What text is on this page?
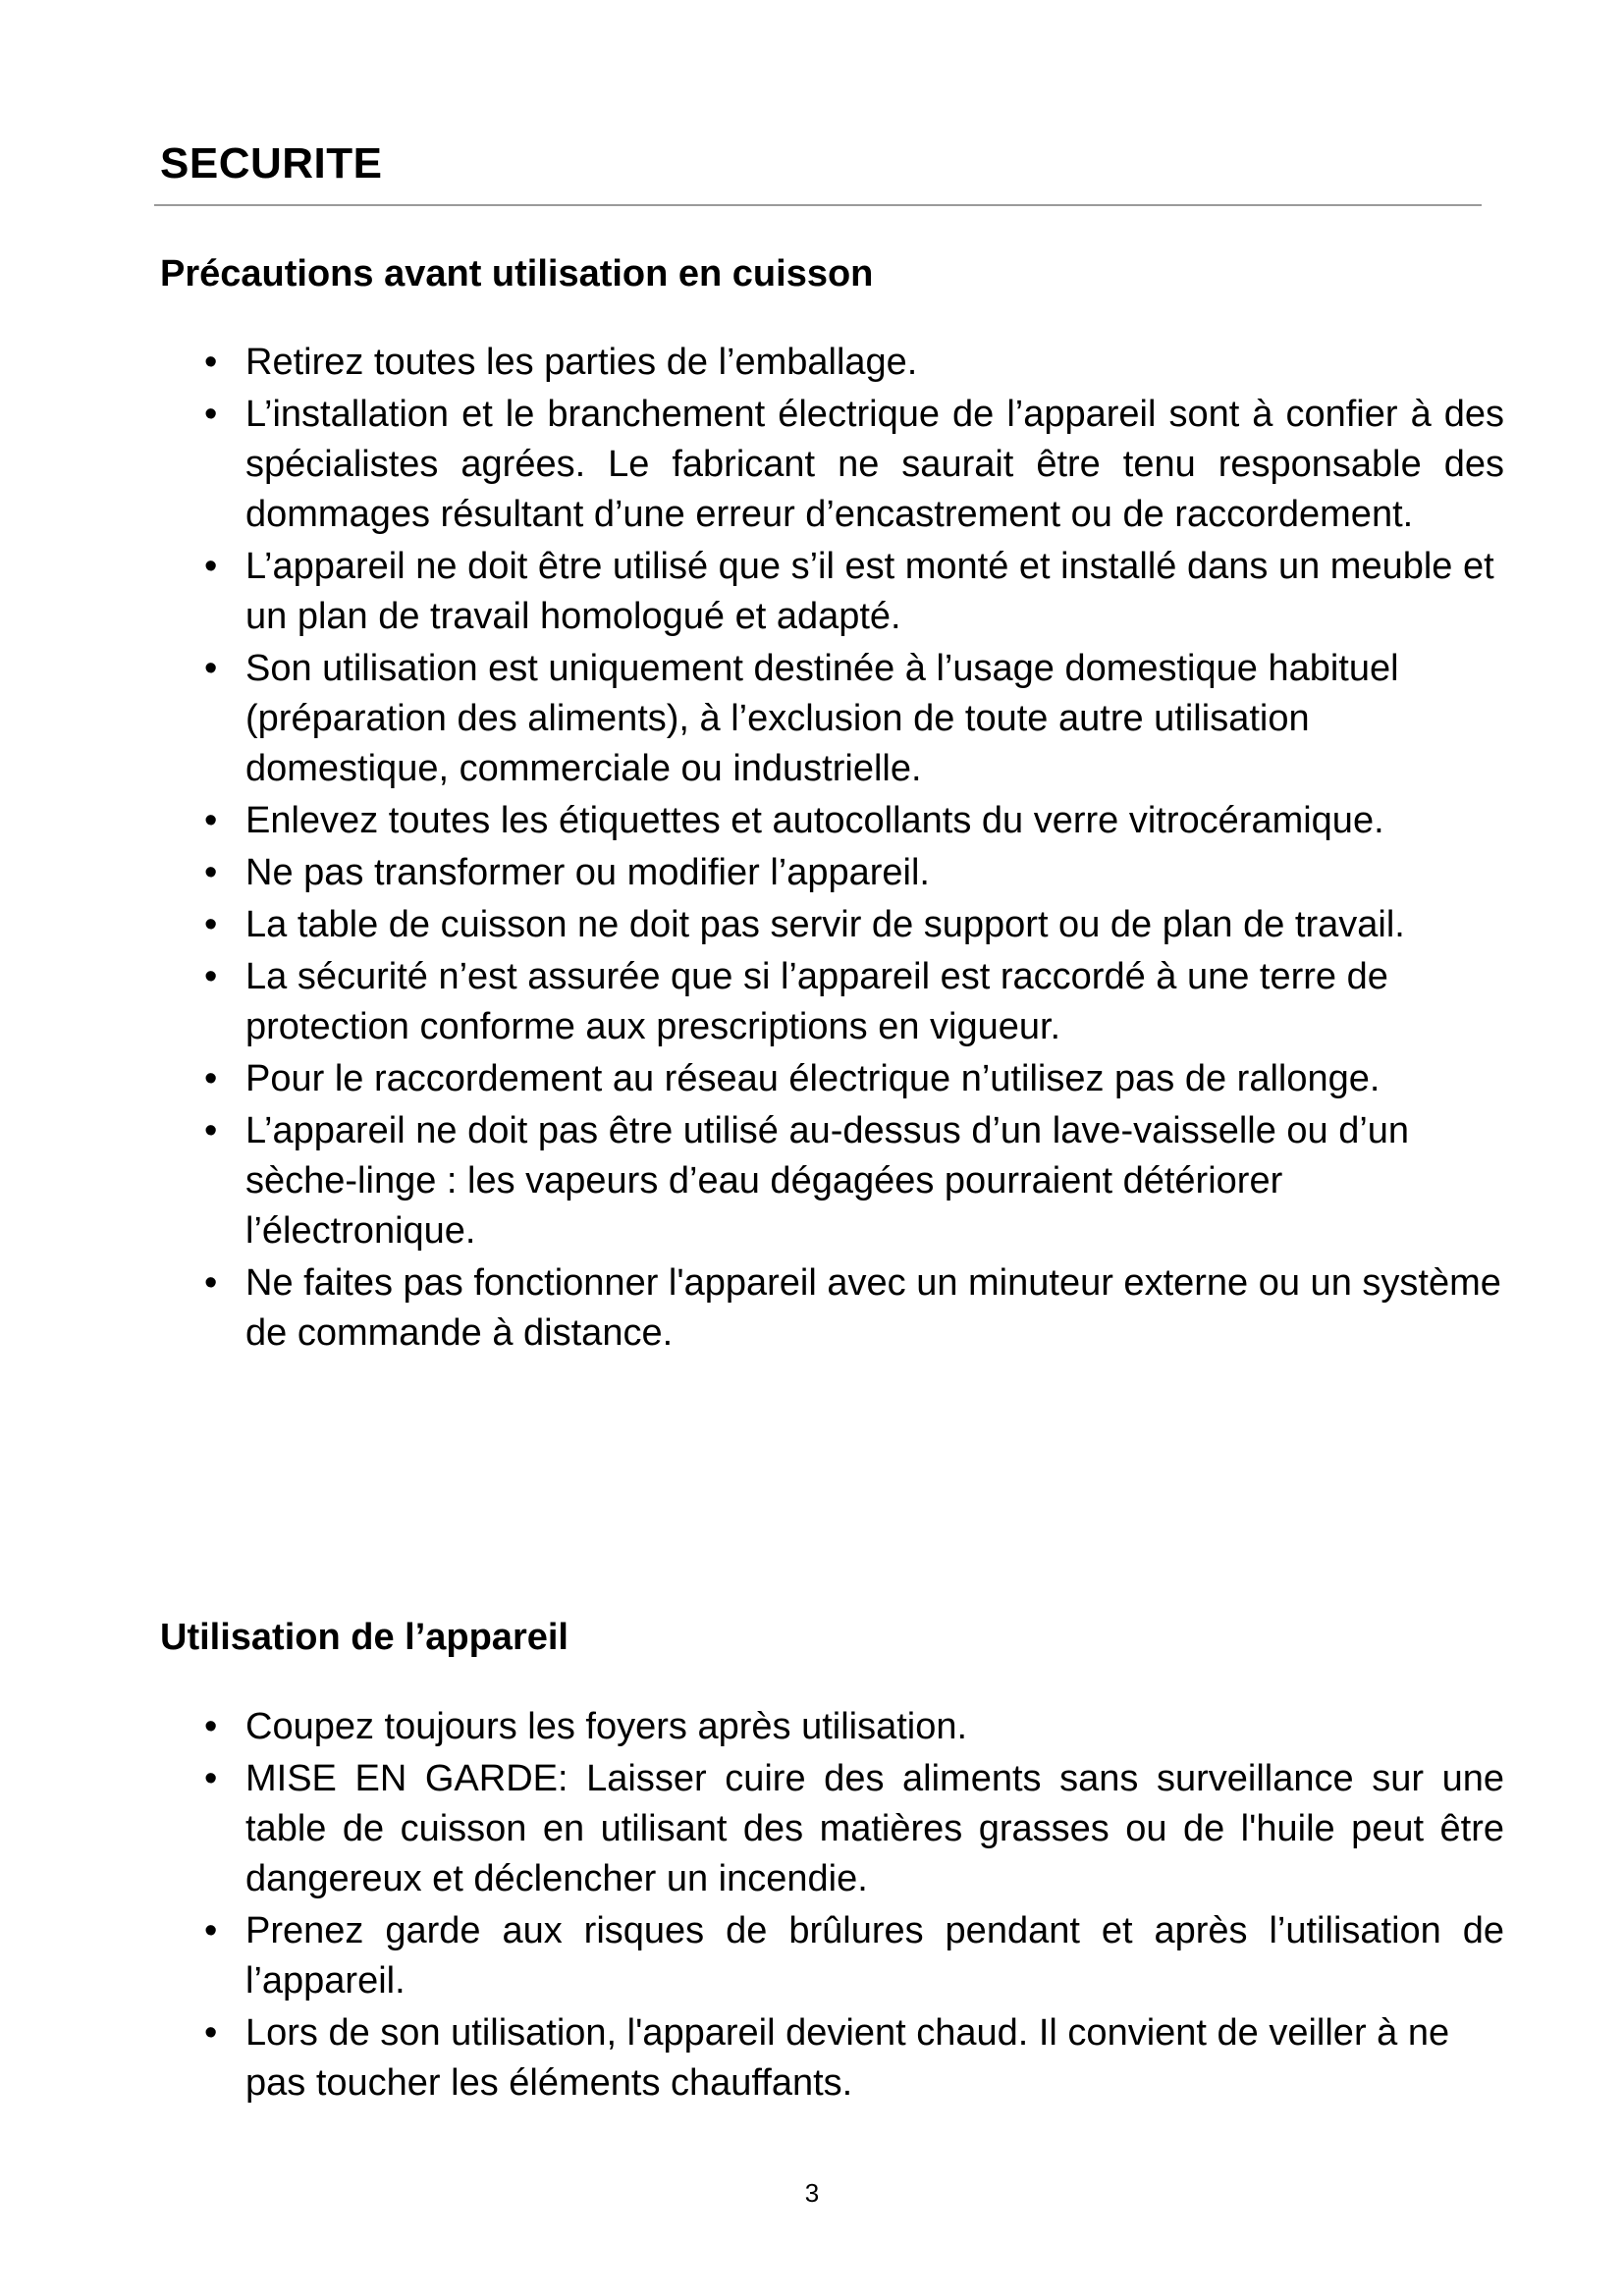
SECURITE
Précautions avant utilisation en cuisson
• Retirez toutes les parties de l’emballage.
• L’installation et le branchement électrique de l’appareil sont à confier à des spécialistes agrées. Le fabricant ne saurait être tenu responsable des dommages résultant d’une erreur d’encastrement ou de raccordement.
• L’appareil ne doit être utilisé que s’il est monté et installé dans un meuble et un plan de travail homologué et adapté.
• Son utilisation est uniquement destinée à l’usage domestique habituel (préparation des aliments), à l’exclusion de toute autre utilisation domestique, commerciale ou industrielle.
• Enlevez toutes les étiquettes et autocollants du verre vitrocéramique.
• Ne pas transformer ou modifier l’appareil.
• La table de cuisson ne doit pas servir de support ou de plan de travail.
• La sécurité n’est assurée que si l’appareil est raccordé à une terre de protection conforme aux prescriptions en vigueur.
• Pour le raccordement au réseau électrique n’utilisez pas de rallonge.
• L’appareil ne doit pas être utilisé au-dessus d’un lave-vaisselle ou d’un sèche-linge : les vapeurs d’eau dégagées pourraient détériorer l’électronique.
• Ne faites pas fonctionner l'appareil avec un minuteur externe ou un système de commande à distance.
Utilisation de l’appareil
• Coupez toujours les foyers après utilisation.
• MISE EN GARDE: Laisser cuire des aliments sans surveillance sur une table de cuisson en utilisant des matières grasses ou de l'huile peut être dangereux et déclencher un incendie.
• Prenez garde aux risques de brûlures pendant et après l’utilisation de l’appareil.
• Lors de son utilisation, l'appareil devient chaud. Il convient de veiller à ne pas toucher les éléments chauffants.
3
